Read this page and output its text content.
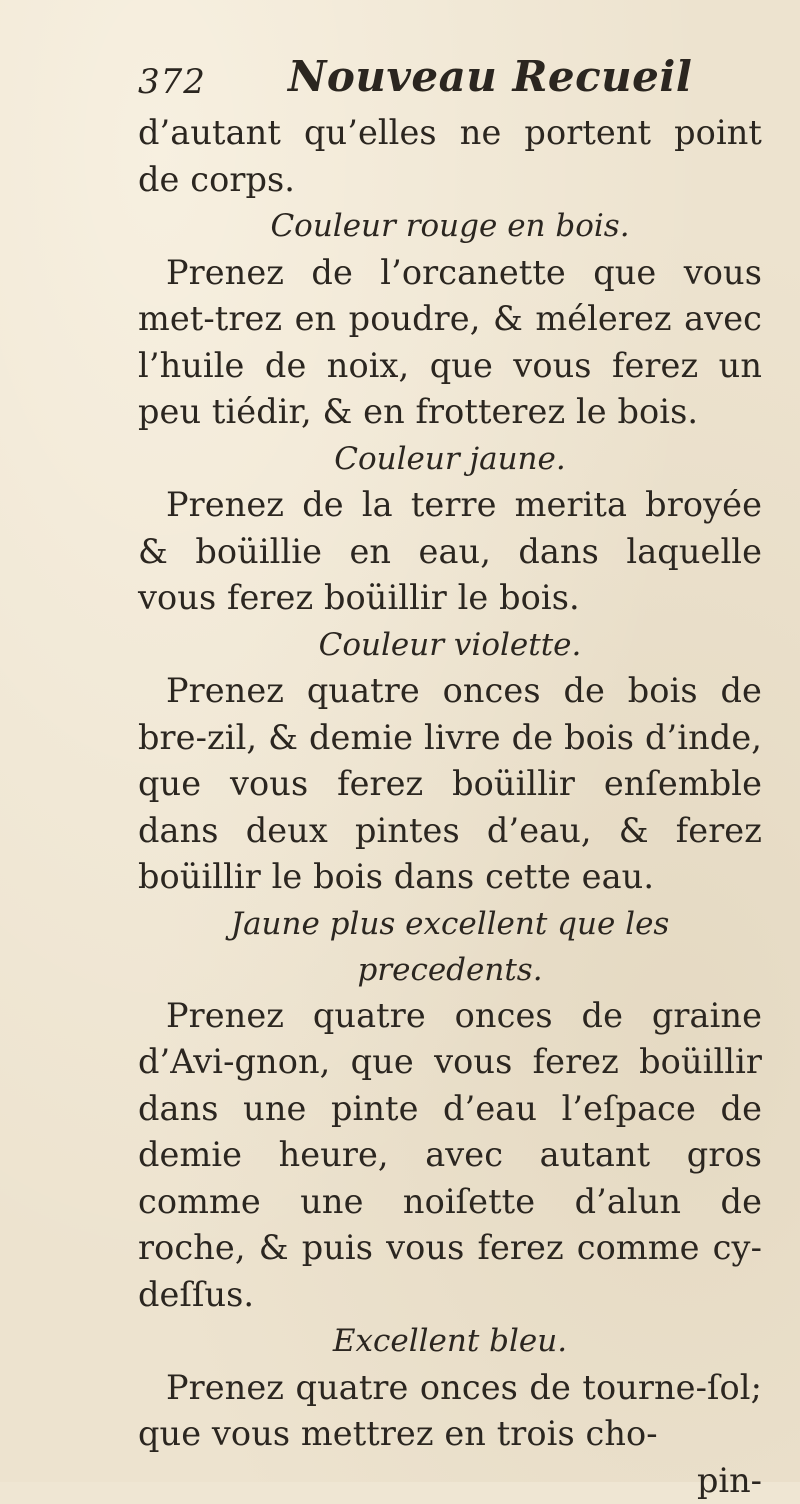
372 Nouveau Recueil

d’autant qu’elles ne portent point de corps.

Couleur rouge en bois.

Prenez de l’orcanette que vous met-trez en poudre, & mélerez avec l’huile de noix, que vous ferez un peu tiédir, & en frotterez le bois.

Couleur jaune.

Prenez de la terre merita broyée & boüillie en eau, dans laquelle vous ferez boüillir le bois.

Couleur violette.

Prenez quatre onces de bois de bre-zil, & demie livre de bois d’inde, que vous ferez boüillir enſemble dans deux pintes d’eau, & ferez boüillir le bois dans cette eau.

Jaune plus excellent que les
precedents.

Prenez quatre onces de graine d’Avi-gnon, que vous ferez boüillir dans une pinte d’eau l’eſpace de demie heure, avec autant gros comme une noiſette d’alun de roche, & puis vous ferez comme cy-deſſus.

Excellent bleu.

Prenez quatre onces de tourne-ſol; que vous mettrez en trois cho-

pin-
